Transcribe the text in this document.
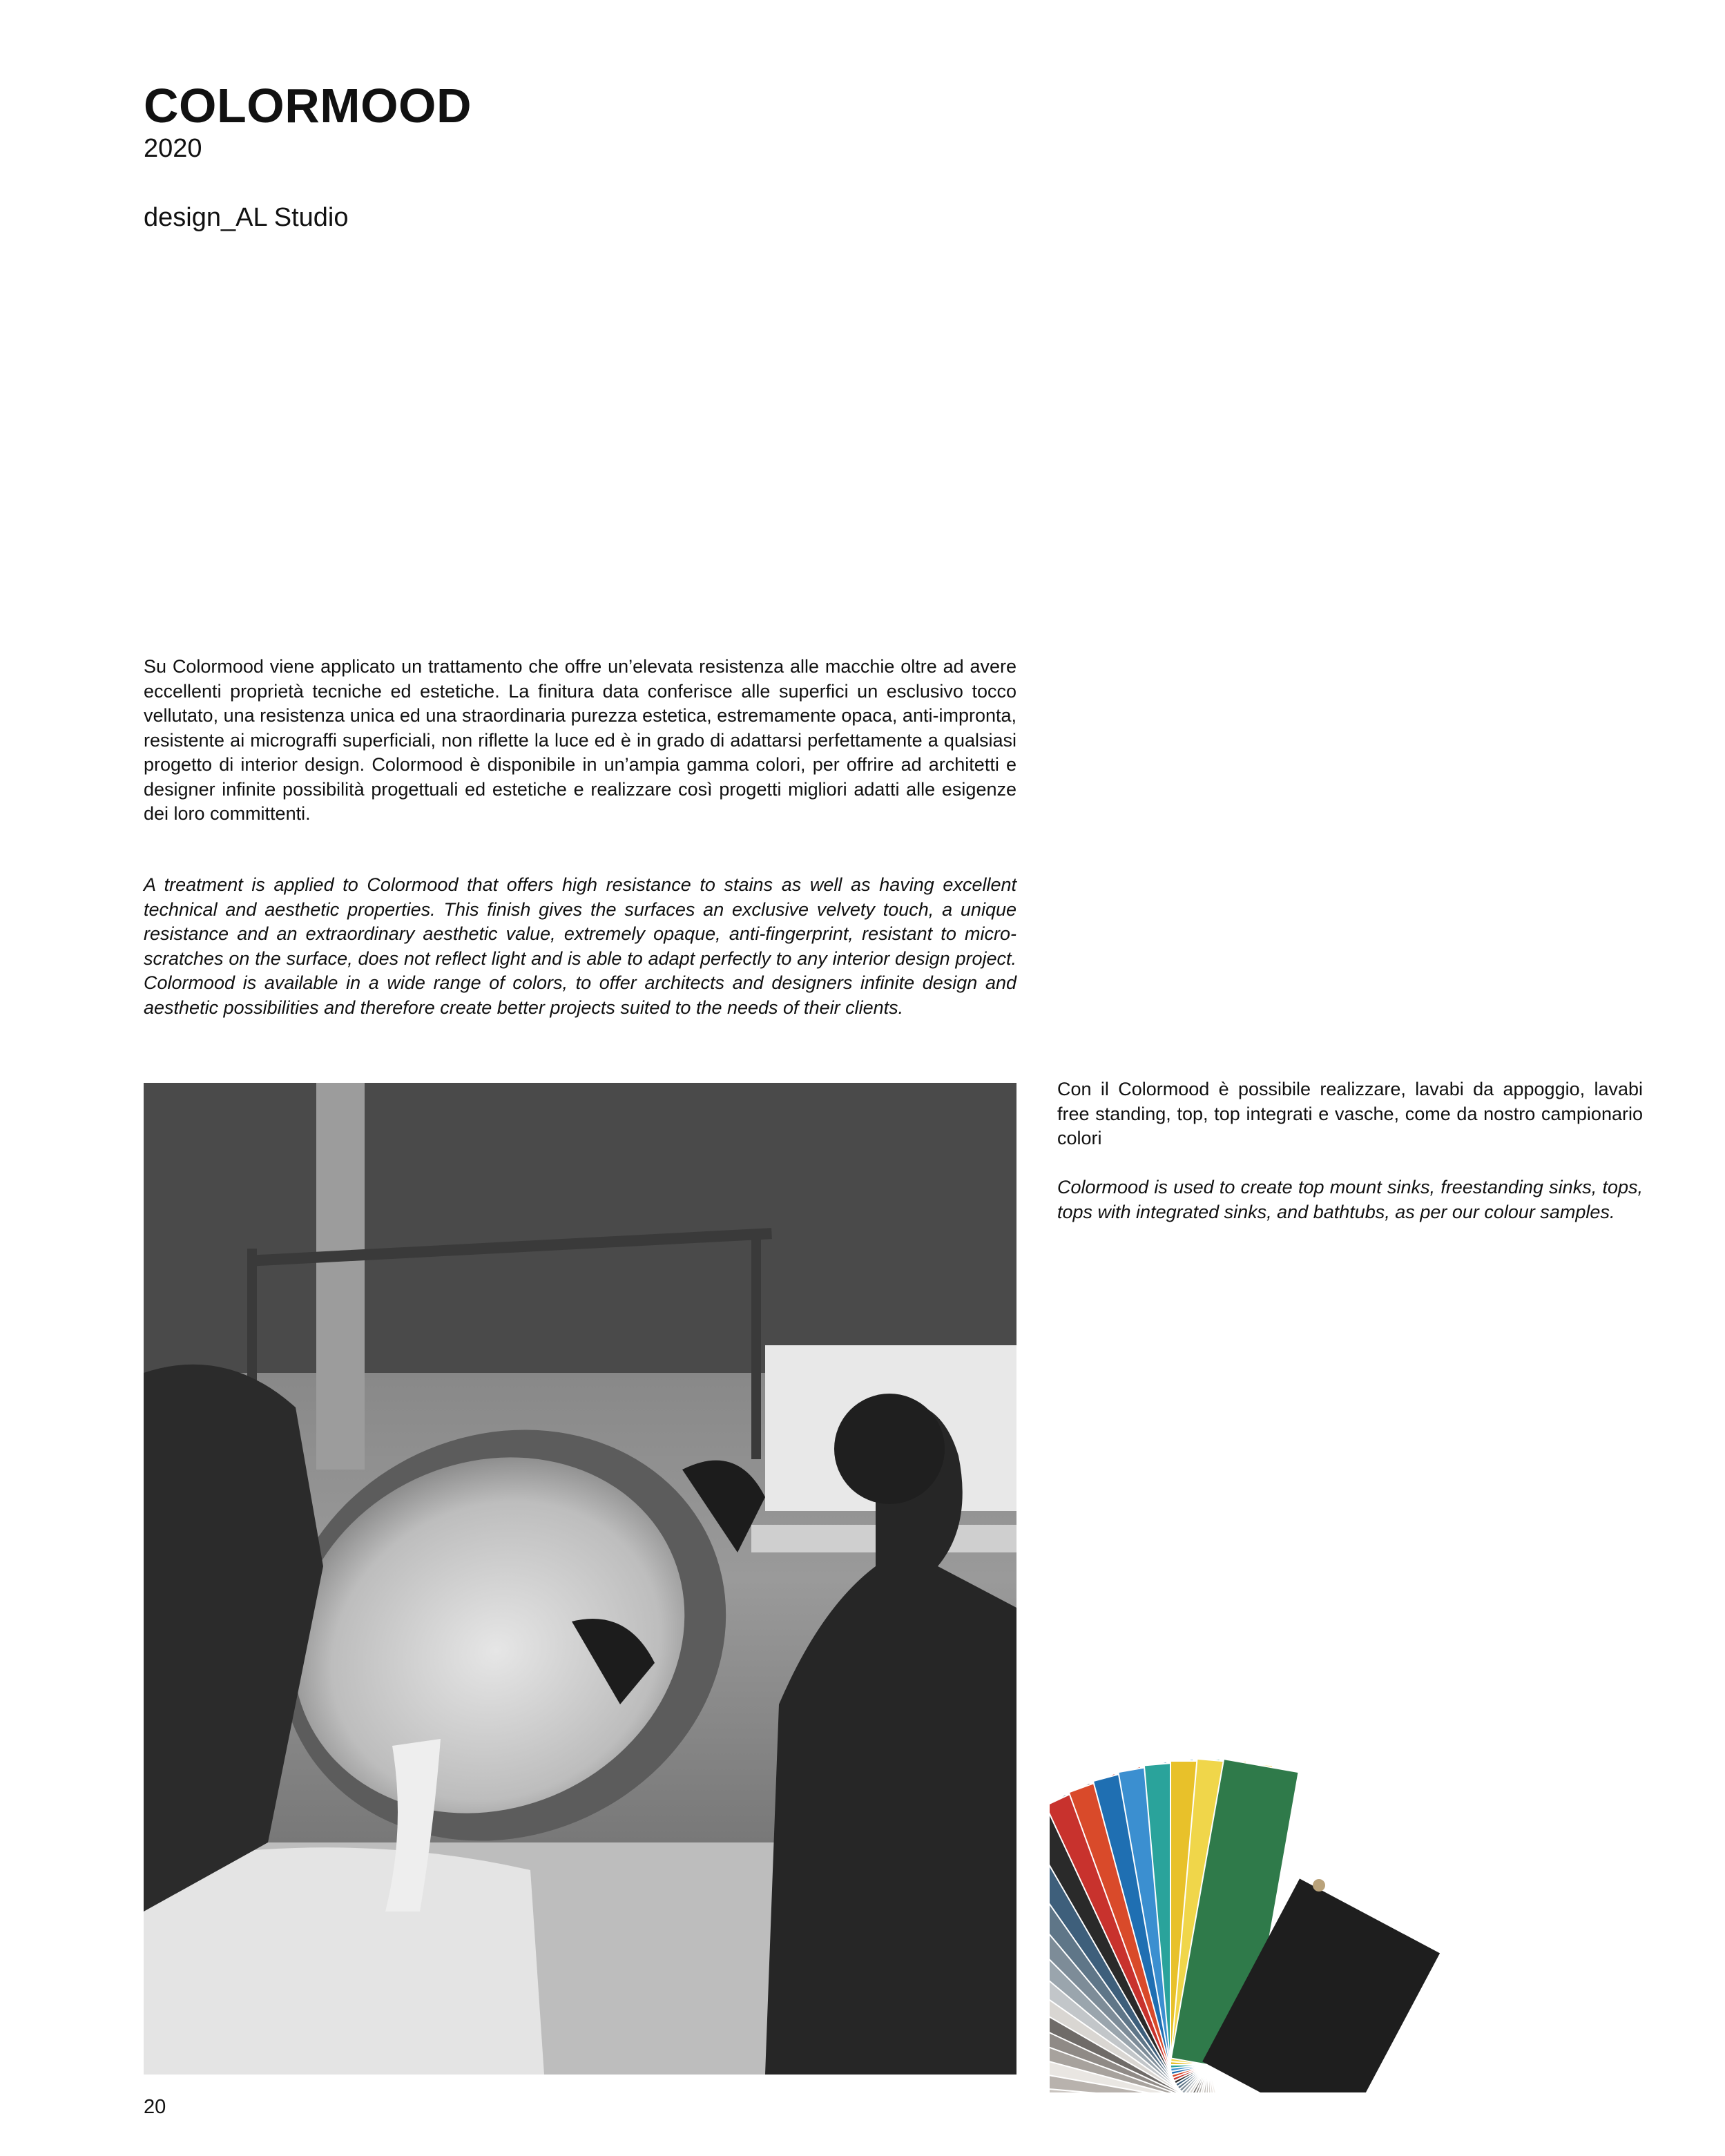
COLORMOOD
2020
design_AL Studio

Su Colormood viene applicato un trattamento che offre un’elevata resistenza alle macchie oltre ad avere eccellenti proprietà tecniche ed estetiche. La finitura data conferisce alle superfici un esclusivo tocco vellutato, una resistenza unica ed una straordinaria purezza estetica, estremamente opaca, anti-impronta, resistente ai micrograffi superficiali, non riflette la luce ed è in grado di adattarsi perfettamente a qualsiasi progetto di interior design. Colormood è disponibile in un’ampia gamma colori, per offrire ad architetti e designer infinite possibilità progettuali ed estetiche e realizzare così progetti migliori adatti alle esigenze dei loro committenti.

A treatment is applied to Colormood that offers high resistance to stains as well as having excellent technical and aesthetic properties. This finish gives the surfaces an exclusive velvety touch, a unique resistance and an extraordinary aesthetic value, extremely opaque, anti-fingerprint, resistant to micro-scratches on the surface, does not reflect light and is able to adapt perfectly to any interior design project. Colormood is available in a wide range of colors, to offer architects and designers infinite design and aesthetic possibilities and therefore create better projects suited to the needs of their clients.

Con il Colormood è possibile realizzare, lavabi da appoggio, lavabi free standing, top, top integrati e vasche, come da nostro campionario colori

Colormood is used to create top mount sinks, freestanding sinks, tops, tops with integrated sinks, and bathtubs, as per our colour samples.

20
